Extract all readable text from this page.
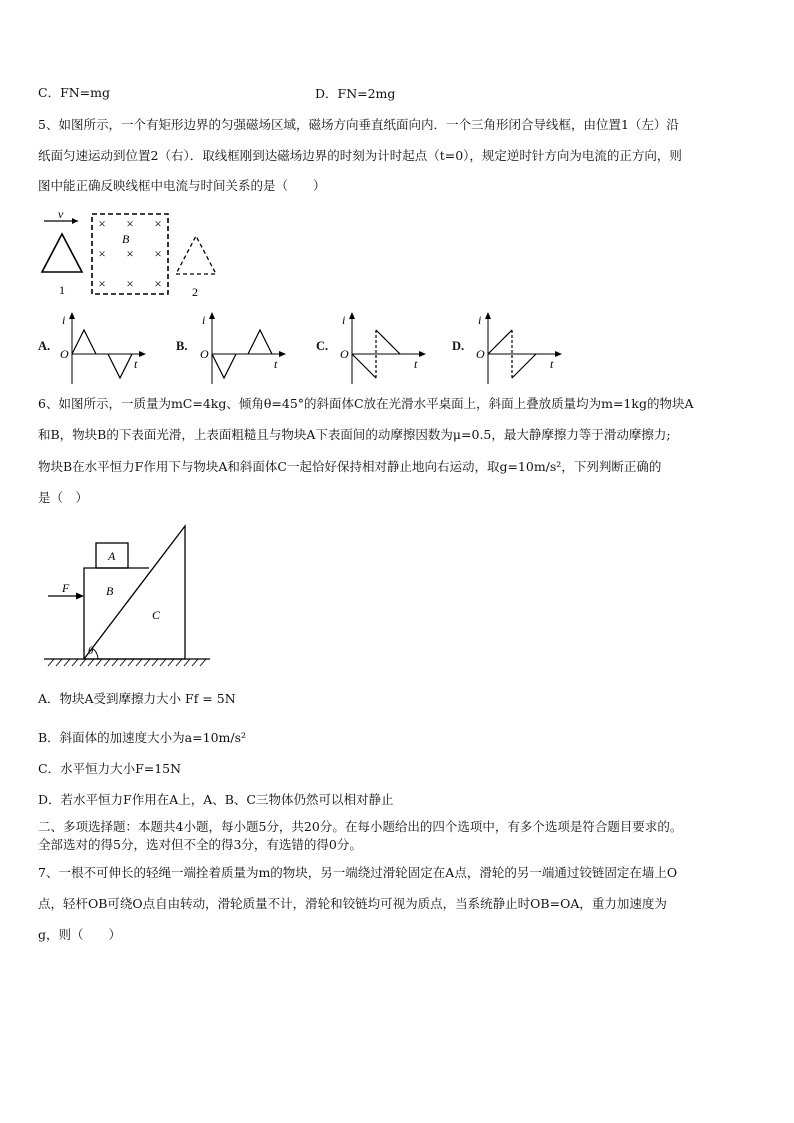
C．FN=mg	D．FN=2mg
5、如图所示，一个有矩形边界的匀强磁场区域，磁场方向垂直纸面向内．一个三角形闭合导线框，由位置1（左）沿
纸面匀速运动到位置2（右）．取线框刚到达磁场边界的时刻为计时起点（t=0），规定逆时针方向为电流的正方向，则
图中能正确反映线框中电流与时间关系的是（　　）
v
1
× × ×
× × ×
× × ×
B
2
A.
i
O
t
B.
i
O
t
C.
i
O
t
D.
i
O
t
6、如图所示，一质量为mC=4kg、倾角θ=45°的斜面体C放在光滑水平桌面上，斜面上叠放质量均为m=1kg的物块A
和B，物块B的下表面光滑，上表面粗糙且与物块A下表面间的动摩擦因数为μ=0.5，最大静摩擦力等于滑动摩擦力;
物块B在水平恒力F作用下与物块A和斜面体C一起恰好保持相对静止地向右运动，取g=10m/s²，下列判断正确的
是（　）
F	B
A
C
θ
A．物块A受到摩擦力大小 Ff = 5N
B．斜面体的加速度大小为a=10m/s²
C．水平恒力大小F=15N
D．若水平恒力F作用在A上，A、B、C三物体仍然可以相对静止
二、多项选择题：本题共4小题，每小题5分，共20分。在每小题给出的四个选项中，有多个选项是符合题目要求的。
全部选对的得5分，选对但不全的得3分，有选错的得0分。
7、一根不可伸长的轻绳一端拴着质量为m的物块，另一端绕过滑轮固定在A点，滑轮的另一端通过铰链固定在墙上O
点，轻杆OB可绕O点自由转动，滑轮质量不计，滑轮和铰链均可视为质点，当系统静止时OB=OA，重力加速度为
g，则（　　）
